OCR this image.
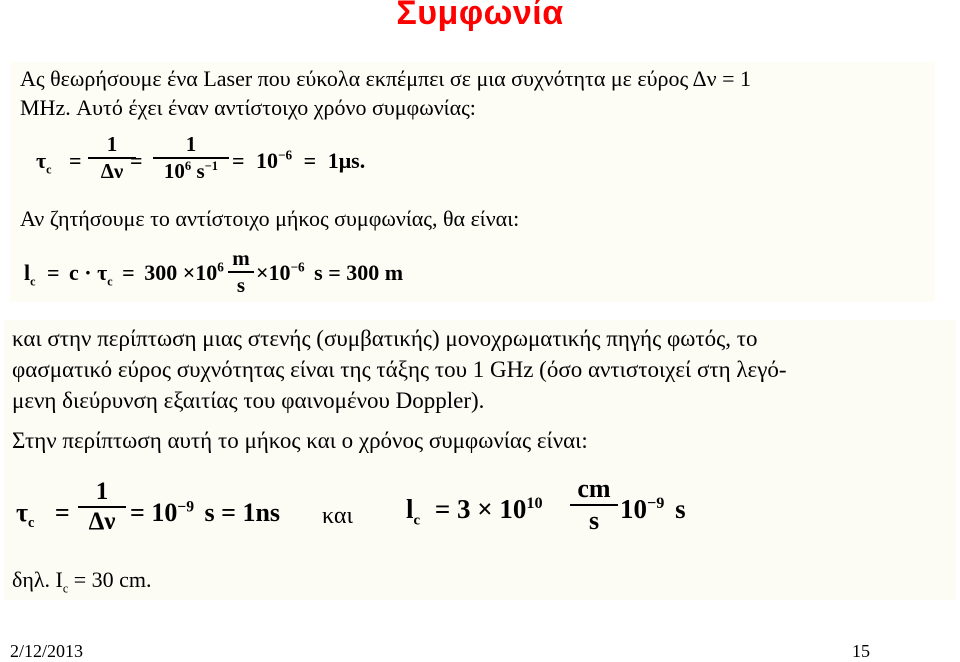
Συμφωνία
Ας θεωρήσουμε ένα Laser που εύκολα εκπέμπει σε μια συχνότητα με εύρος Δν = 1
MHz. Αυτό έχει έναν αντίστοιχο χρόνο συμφωνίας:
$\tau_c$ =
1
Δν =
1
$10^6$ $s^{-1} = 10^{-6} = 1\mu s$.
Αν ζητήσουμε το αντίστοιχο μήκος συμφωνίας, θα είναι:
$l_c = c \cdot \tau_c = 300 \times 10^6$ m
$s \times 10^{-6}$ s = 300 m
και στην περίπτωση μιας στενής (συμβατικής) μονοχρωματικής πηγής φωτός, το
φασματικό εύρος συχνότητας είναι της τάξης του 1 GHz (όσο αντιστοιχεί στη λεγό-
μενη διεύρυνση εξαιτίας του φαινομένου Doppler).
Στην περίπτωση αυτή το μήκος και ο χρόνος συμφωνίας είναι:
$\tau_c$ =
1
$\Delta\nu = 10^{-9}$ s = 1ns και $l_c = 3 \times 10^{10}$ cm
s $10^{-9}$ s
δηλ. $I_c = 30$ cm.
2/12/2013	15
